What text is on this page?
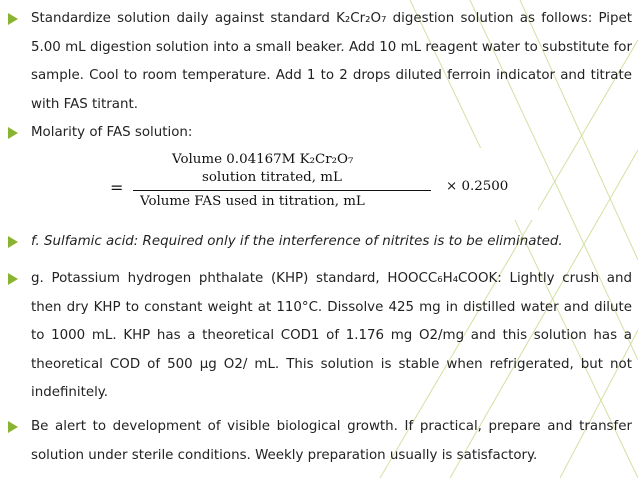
Standardize solution daily against standard K₂Cr₂O₇ digestion solution as follows: Pipet 5.00 mL digestion solution into a small beaker. Add 10 mL reagent water to substitute for sample. Cool to room temperature. Add 1 to 2 drops diluted ferroin indicator and titrate with FAS titrant.
Molarity of FAS solution:
=
Volume 0.04167M K₂Cr₂O₇
solution titrated, mL
Volume FAS used in titration, mL
× 0.2500
f. Sulfamic acid: Required only if the interference of nitrites is to be eliminated.
g. Potassium hydrogen phthalate (KHP) standard, HOOCC₆H₄COOK: Lightly crush and then dry KHP to constant weight at 110°C. Dissolve 425 mg in distilled water and dilute to 1000 mL. KHP has a theoretical COD1 of 1.176 mg O2/mg and this solution has a theoretical COD of 500 μg O2/ mL. This solution is stable when refrigerated, but not indefinitely.
Be alert to development of visible biological growth. If practical, prepare and transfer solution under sterile conditions. Weekly preparation usually is satisfactory.
